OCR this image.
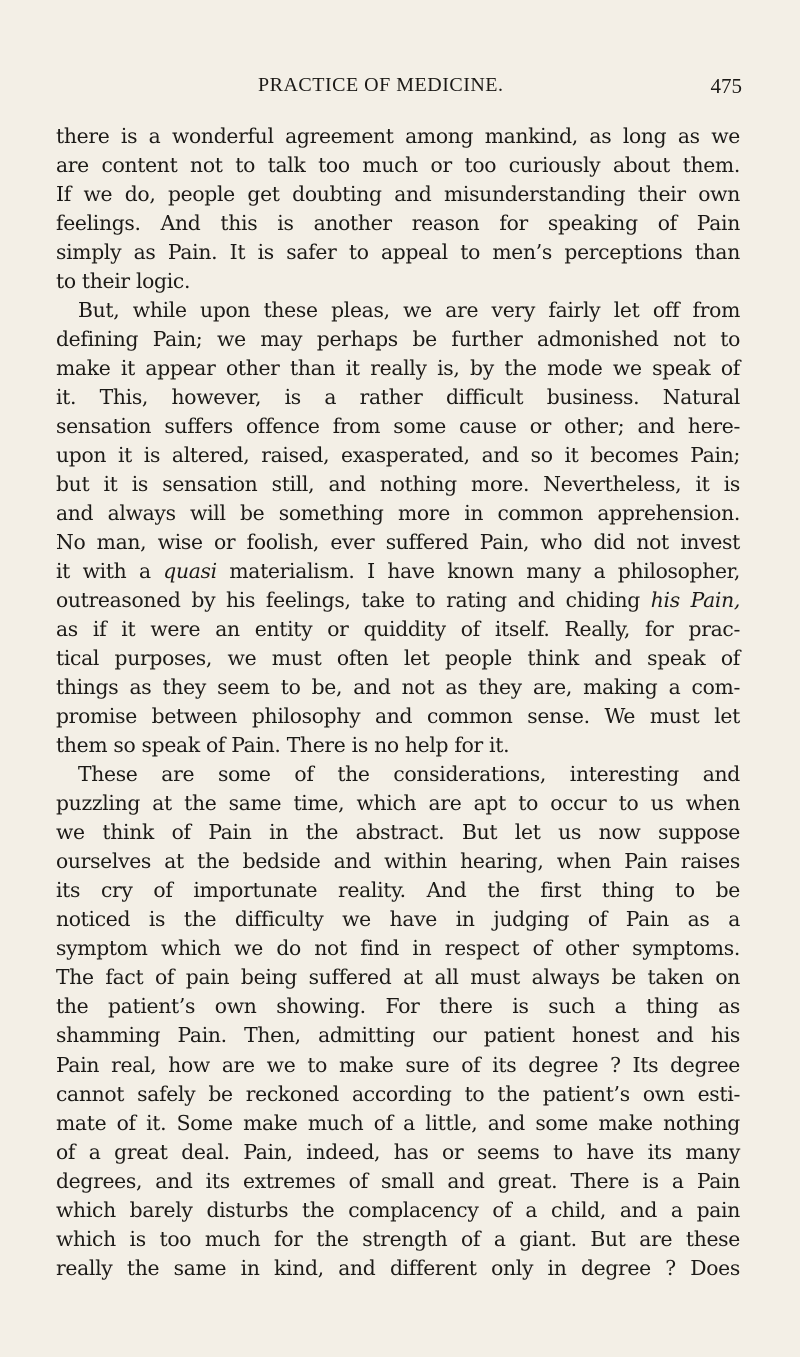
PRACTICE OF MEDICINE.	475
there is a wonderful agreement among mankind, as long as we
are content not to talk too much or too curiously about them.
If we do, people get doubting and misunderstanding their own
feelings. And this is another reason for speaking of Pain
simply as Pain. It is safer to appeal to men’s perceptions than
to their logic.
But, while upon these pleas, we are very fairly let off from
defining Pain; we may perhaps be further admonished not to
make it appear other than it really is, by the mode we speak of
it. This, however, is a rather difficult business. Natural
sensation suffers offence from some cause or other; and here-
upon it is altered, raised, exasperated, and so it becomes Pain;
but it is sensation still, and nothing more. Nevertheless, it is
and always will be something more in common apprehension.
No man, wise or foolish, ever suffered Pain, who did not invest
it with a quasi materialism. I have known many a philosopher,
outreasoned by his feelings, take to rating and chiding his Pain,
as if it were an entity or quiddity of itself. Really, for prac-
tical purposes, we must often let people think and speak of
things as they seem to be, and not as they are, making a com-
promise between philosophy and common sense. We must let
them so speak of Pain. There is no help for it.
These are some of the considerations, interesting and
puzzling at the same time, which are apt to occur to us when
we think of Pain in the abstract. But let us now suppose
ourselves at the bedside and within hearing, when Pain raises
its cry of importunate reality. And the first thing to be
noticed is the difficulty we have in judging of Pain as a
symptom which we do not find in respect of other symptoms.
The fact of pain being suffered at all must always be taken on
the patient’s own showing. For there is such a thing as
shamming Pain. Then, admitting our patient honest and his
Pain real, how are we to make sure of its degree ? Its degree
cannot safely be reckoned according to the patient’s own esti-
mate of it. Some make much of a little, and some make nothing
of a great deal. Pain, indeed, has or seems to have its many
degrees, and its extremes of small and great. There is a Pain
which barely disturbs the complacency of a child, and a pain
which is too much for the strength of a giant. But are these
really the same in kind, and different only in degree ? Does
